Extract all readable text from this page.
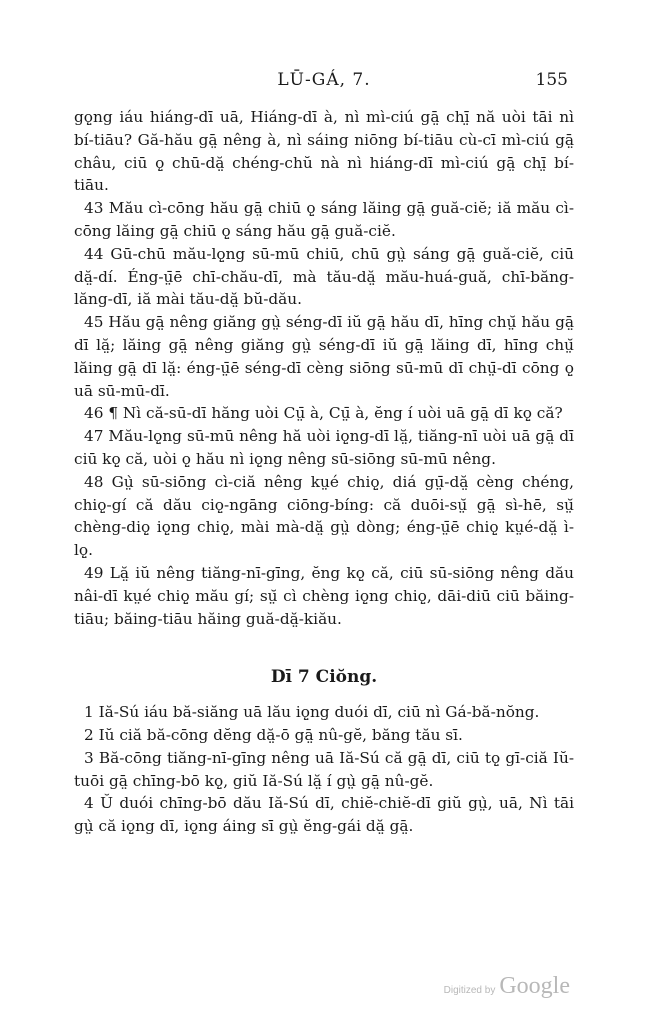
LŪ-GÁ, 7.	155

gǫ̤ng iáu hiáng-dī uā, Hiáng-dī à, nì mì-ciú gā̤ chī̤ nă uòi tāi nì bí-tiāu? Gă-hău gā̤ nêng à, nì sáing niōng bí-tiāu cù-cī mì-ciú gā̤ châu, ciū ǫ̤ chū-dă̤ chéng-chŭ nà nì hiáng-dī mì-ciú gā̤ chī̤ bí-tiāu.

43 Mău cì-cōng hău gā̤ chiū ǫ̤ sáng lăing gā̤ guă-ciĕ; iă mău cì-cōng lăing gā̤ chiū ǫ̤ sáng hău gā̤ guă-ciĕ.

44 Gū-chū mău-lǫ̤ng sū-mū chiū, chū gṳ̀ sáng gā̤ guă-ciĕ, ciū dă̤-dí. Éng-ṳ̄ē chī-chău-dī, mà tău-dă̤ mău-huá-guă, chī-băng-lăng-dī, iă mài tău-dă̤ bŭ-dău.

45 Hău gā̤ nêng giăng gṳ̀ séng-dī iŭ gā̤ hău dī, hīng chṳ̆ hău gā̤ dī lă̤; lăing gā̤ nêng giăng gṳ̀ séng-dī iŭ gā̤ lăing dī, hīng chṳ̆ lăing gā̤ dī lă̤: éng-ṳ̄ē séng-dī cèng siōng sū-mū dī chṳ̄-dī cōng ǫ̤ uā sū-mū-dī.

46 ¶ Nì că-sū-dī hăng uòi Cṳ̄ à, Cṳ̄ à, ĕng í uòi uā gā̤ dī kǫ̤ că?

47 Mău-lǫ̤ng sū-mū nêng hă uòi iǫ̤ng-dī lă̤, tiăng-nī uòi uā gā̤ dī ciū kǫ̤ că, uòi ǫ̤ hău nì iǫ̤ng nêng sū-siōng sū-mū nêng.

48 Gṳ̀ sū-siōng cì-ciă nêng kṳé chiǫ̤, diá gṳ̄-dă̤ cèng chéng, chiǫ̤-gí că dău ciǫ̤-ngāng ciōng-bíng: că duōi-sṳ̆ gā̤ sì-hē, sṳ̆ chèng-diǫ̤ iǫ̤ng chiǫ̤, mài mà-dă̤ gṳ̀ dòng; éng-ṳ̄ē chiǫ̤ kṳé-dă̤ ì-lǫ̤.

49 Lă̤ iŭ nêng tiăng-nī-gīng, ĕng kǫ̤ că, ciū sū-siōng nêng dău nâi-dī kṳé chiǫ̤ mău gí; sṳ̆ cì chèng iǫ̤ng chiǫ̤, dāi-diū ciū băing-tiāu; băing-tiāu hăing guă-dă̤-kiău.

Dī 7 Ciŏng.

1 Iă-Sú iáu bă-siăng uā lău iǫ̤ng duói dī, ciū nì Gá-bă-nŏng.

2 Iŭ ciă bă-cōng dĕng dă̤-ō gā̤ nû-gĕ, băng tău sī.

3 Bă-cōng tiăng-nī-gīng nêng uā Iă-Sú că gā̤ dī, ciū tǫ̤ gī-ciă Iŭ-tuōi gā̤ chīng-bō kǫ̤, giŭ Iă-Sú lă̤ í gṳ̀ gā̤ nû-gĕ.

4 Ŭ duói chīng-bō dău Iă-Sú dī, chiĕ-chiĕ-dī giŭ gṳ̀, uā, Nì tāi gṳ̀ că iǫ̤ng dī, iǫ̤ng áing sī gṳ̀ ĕng-gái dă̤ gā̤.

Digitized by Google
